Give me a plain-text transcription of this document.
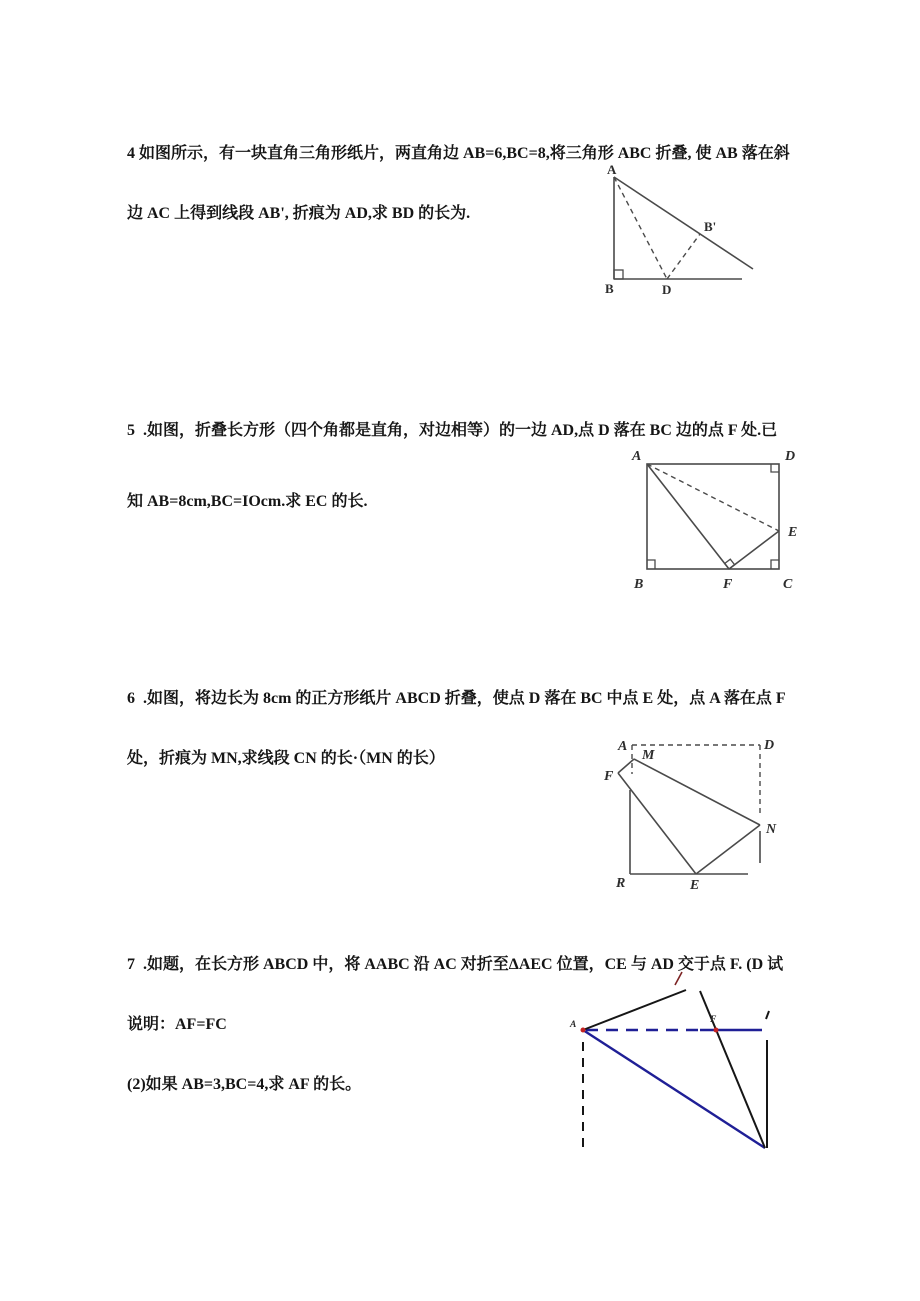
4 如图所示，有一块直角三角形纸片，两直角边 AB=6,BC=8,将三角形 ABC 折叠, 使 AB 落在斜

边 AC 上得到线段 AB', 折痕为 AD,求 BD 的长为.

A
B	D
B'

5  .如图，折叠长方形（四个角都是直角，对边相等）的一边 AD,点 D 落在 BC 边的点 F 处.已

知 AB=8cm,BC=IOcm.求 EC 的长.

A	D
B	C
E
F

6  .如图，将边长为 8cm 的正方形纸片 ABCD 折叠，使点 D 落在 BC 中点 E 处，点 A 落在点 F

处，折痕为 MN,求线段 CN 的长·（MN 的长）

A	D
M
F
N
R	E

7  .如题，在长方形 ABCD 中，将 AABC 沿 AC 对折至ΔAEC 位置，CE 与 AD 交于点 F. (D 试

说明：AF=FC

(2)如果 AB=3,BC=4,求 AF 的长。

A	F
